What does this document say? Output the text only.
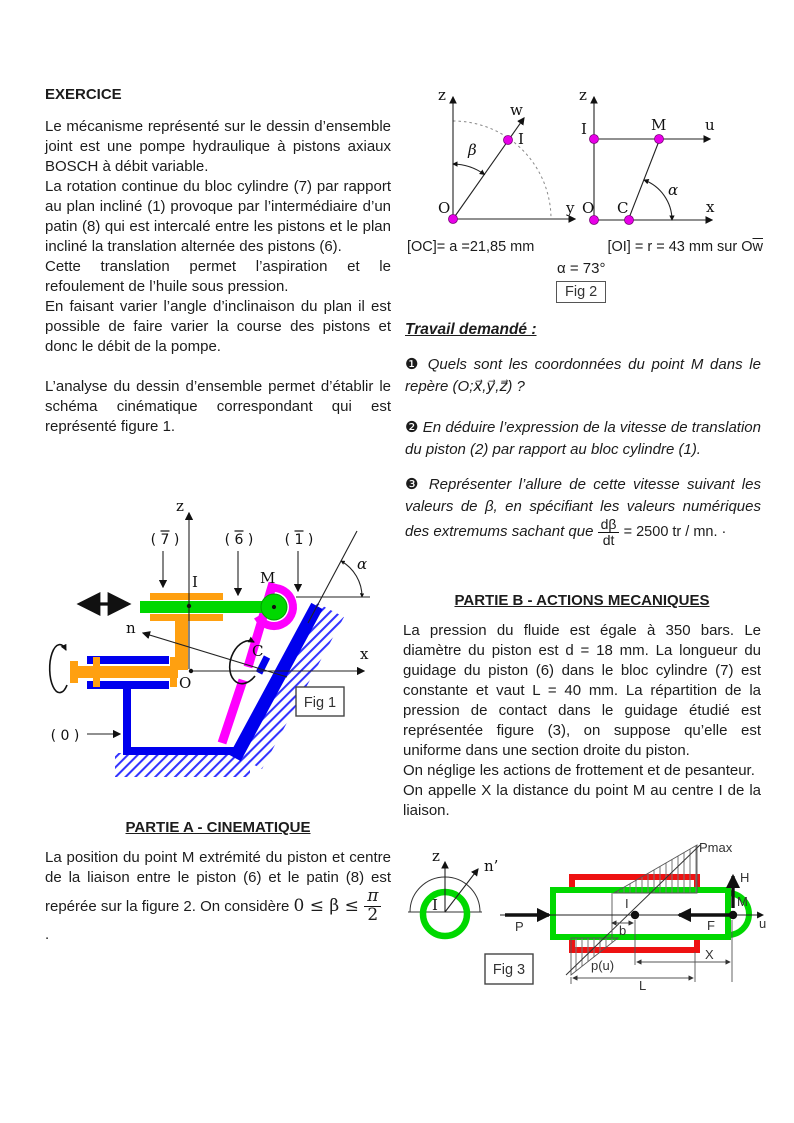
EXERCICE

Le mécanisme représenté sur le dessin d’ensemble joint est une pompe hydraulique à pistons axiaux BOSCH à débit variable.

La rotation continue du bloc cylindre (7) par rapport au plan incliné (1) provoque par l’intermédiaire d’un patin (8) qui est intercalé entre les pistons et le plan incliné la translation alternée des pistons (6).

Cette translation permet l’aspiration et le refoulement de l’huile sous pression.

En faisant varier l’angle d’inclinaison du plan il est possible de faire varier la course des pistons et donc le débit de la pompe.

L’analyse du dessin d’ensemble permet d’établir le schéma cinématique correspondant qui est représenté figure 1.

z
x
n
I	M
O
C
α
( 7 )	( 6 ) ( 1 )
( 0 )
Fig 1
PARTIE A - CINEMATIQUE

La position du point M extrémité du piston et centre de la liaison entre le piston (6) et le patin (8) est repérée sur la figure 2. On considère $0 \le \beta \le \frac{\pi}{2}$

.

z
w
β
I
O	y
z
I	M	u
O C
α
x
[OC]= a =21,85 mm	[OI] = r = 43 mm sur $O\overline{w}$
α = 73°
Fig 2
Travail demandé :
❶ Quels sont les coordonnées du point M dans le repère (O;x⃗,y⃗,z⃗) ?
❷ En déduire l’expression de la vitesse de translation du piston (2) par rapport au bloc cylindre (1).
❸ Représenter l’allure de cette vitesse suivant les valeurs de β, en spécifiant les valeurs numériques des extremums sachant que $\frac{d\beta}{dt} = 2500$ tr / mn. ·
PARTIE B - ACTIONS MECANIQUES

La pression du fluide est égale à 350 bars. Le diamètre du piston est d = 18 mm. La longueur du guidage du piston (6) dans le bloc cylindre (7) est constante et vaut L = 40 mm. La répartition de la pression de contact dans le guidage étudié est représentée figure (3), on suppose qu’elle est uniforme dans une section droite du piston.

On néglige les actions de frottement et de pesanteur.

On appelle X la distance du point M au centre I de la liaison.

z
n’
I
P
I	M
F
H
u
b
X
L
p(u)
Pmax
Fig 3
